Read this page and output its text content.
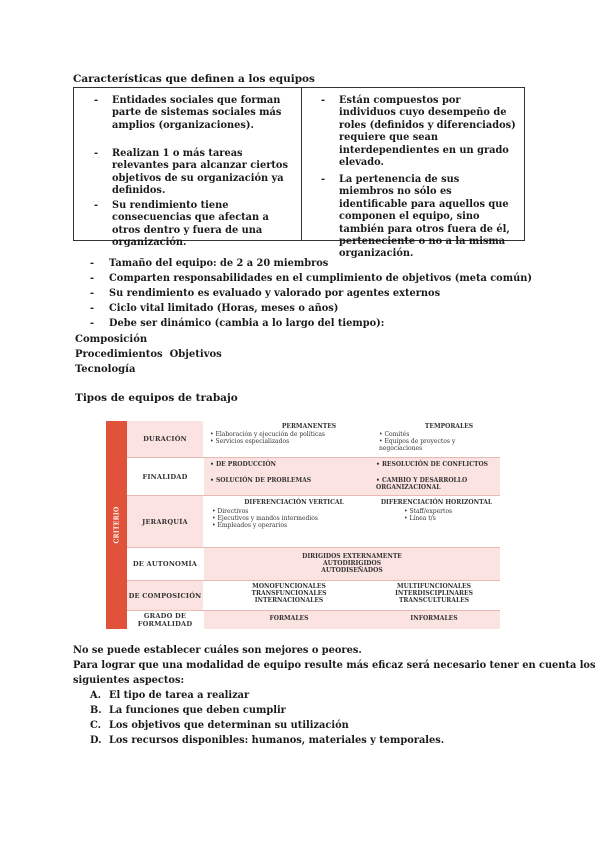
Características que definen a los equipos
- Entidades sociales que forman parte de sistemas sociales más amplios (organizaciones).
- Realizan 1 o más tareas relevantes para alcanzar ciertos objetivos de su organización ya definidos.
- Su rendimiento tiene consecuencias que afectan a otros dentro y fuera de una organización.
- Están compuestos por individuos cuyo desempeño de roles (definidos y diferenciados) requiere que sean interdependientes en un grado elevado.
- La pertenencia de sus miembros no sólo es identificable para aquellos que componen el equipo, sino también para otros fuera de él, perteneciente o no a la misma organización.
- Tamaño del equipo: de 2 a 20 miembros
- Comparten responsabilidades en el cumplimiento de objetivos (meta común)
- Su rendimiento es evaluado y valorado por agentes externos
- Ciclo vital limitado (Horas, meses o años)
- Debe ser dinámico (cambia a lo largo del tiempo):
Composición
Procedimientos  Objetivos
Tecnología
Tipos de equipos de trabajo
CRITERIO
DURACIÓN
PERMANENTES
• Elaboración y ejecución de políticas
• Servicios especializados
TEMPORALES
• Comités
• Equipos de proyectos y negociaciones
FINALIDAD
• DE PRODUCCIÓN
• SOLUCIÓN DE PROBLEMAS
• RESOLUCIÓN DE CONFLICTOS
• CAMBIO Y DESARROLLO ORGANIZACIONAL
JERARQUÍA
DIFERENCIACIÓN VERTICAL
• Directivos
• Ejecutivos y mandos intermedios
• Empleados y operarios
DIFERENCIACIÓN HORIZONTAL
• Staff/expertos
• Línea t/s
DE AUTONOMÍA
DIRIGIDOS EXTERNAMENTE
AUTODIRIGIDOS
AUTODISEÑADOS
DE COMPOSICIÓN
MONOFUNCIONALES
TRANSFUNCIONALES
INTERNACIONALES
MULTIFUNCIONALES
INTERDISCIPLINARES
TRANSCULTURALES
GRADO DE
FORMALIDAD
FORMALES	INFORMALES
No se puede establecer cuáles son mejores o peores.
Para lograr que una modalidad de equipo resulte más eficaz será necesario tener en cuenta los
siguientes aspectos:
A. El tipo de tarea a realizar
B. La funciones que deben cumplir
C. Los objetivos que determinan su utilización
D. Los recursos disponibles: humanos, materiales y temporales.
